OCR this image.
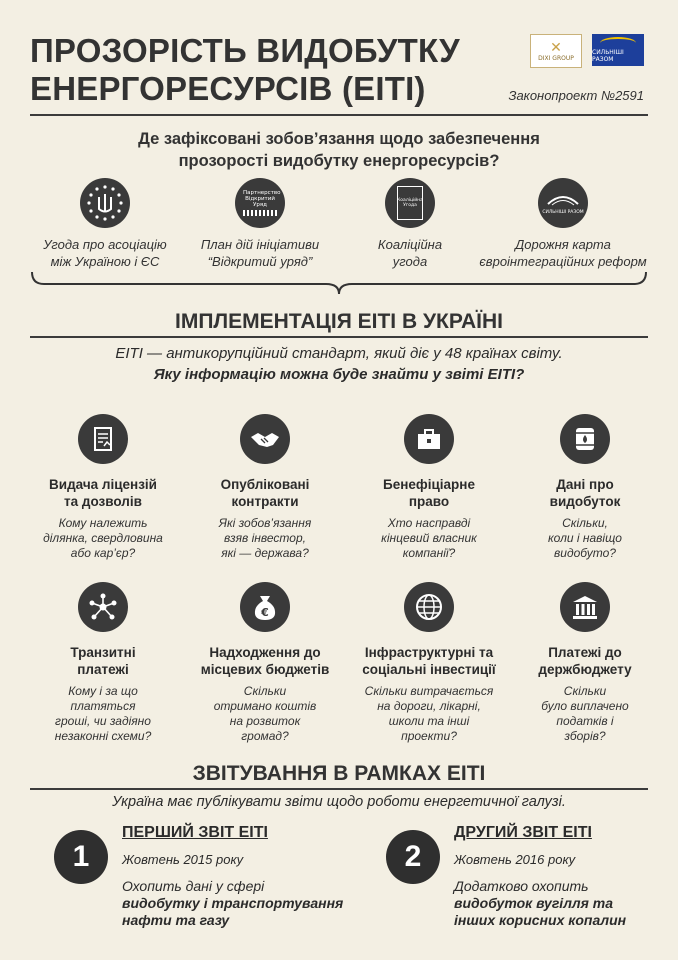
ПРОЗОРІСТЬ ВИДОБУТКУ
ЕНЕРГОРЕСУРСІВ (ЕІТІ)
✕
DIXI GROUP
СИЛЬНІШІ РАЗОМ
Законопроект №2591
Де зафіксовані зобов’язання щодо забезпечення
прозорості видобутку енергоресурсів?
Угода про асоціацію
між Україною і ЄС
Партнерство Відкритий Уряд
План дій ініціативи
“Відкритий уряд”
Коаліційна Угода
Коаліційна
угода
СИЛЬНІШІ РАЗОМ
Дорожня карта
євроінтеграційних реформ
ІМПЛЕМЕНТАЦІЯ ЕІТІ В УКРАЇНІ
ЕІТІ — антикорупційний стандарт, який діє у 48 країнах світу.
Яку інформацію можна буде знайти у звіті ЕІТІ?
Видача ліцензій
та дозволів
Кому належить
ділянка, свердловина
або кар’єр?
Опубліковані
контракти
Які зобов’язання
взяв інвестор,
які — держава?
Бенефіціарне
право
Хто насправді
кінцевий власник
компанії?
Дані про
видобуток
Скільки,
коли і навіщо
видобуто?
Транзитні
платежі
Кому і за що
платяться
гроші, чи задіяно
незаконні схеми?
€
Надходження до
місцевих бюджетів
Скільки
отримано коштів
на розвиток
громад?
Інфраструктурні та
соціальні інвестиції
Скільки витрачається
на дороги, лікарні,
школи та інші
проекти?
Платежі до
держбюджету
Скільки
було виплачено
податків і
зборів?
ЗВІТУВАННЯ В РАМКАХ ЕІТІ
Україна має публікувати звіти щодо роботи енергетичної галузі.
1
ПЕРШИЙ ЗВІТ ЕІТІ
Жовтень 2015 року
Охопить дані у сфері
видобутку і транспортування
нафти та газу
2
ДРУГИЙ ЗВІТ ЕІТІ
Жовтень 2016 року
Додатково охопить
видобуток вугілля та
інших корисних копалин
